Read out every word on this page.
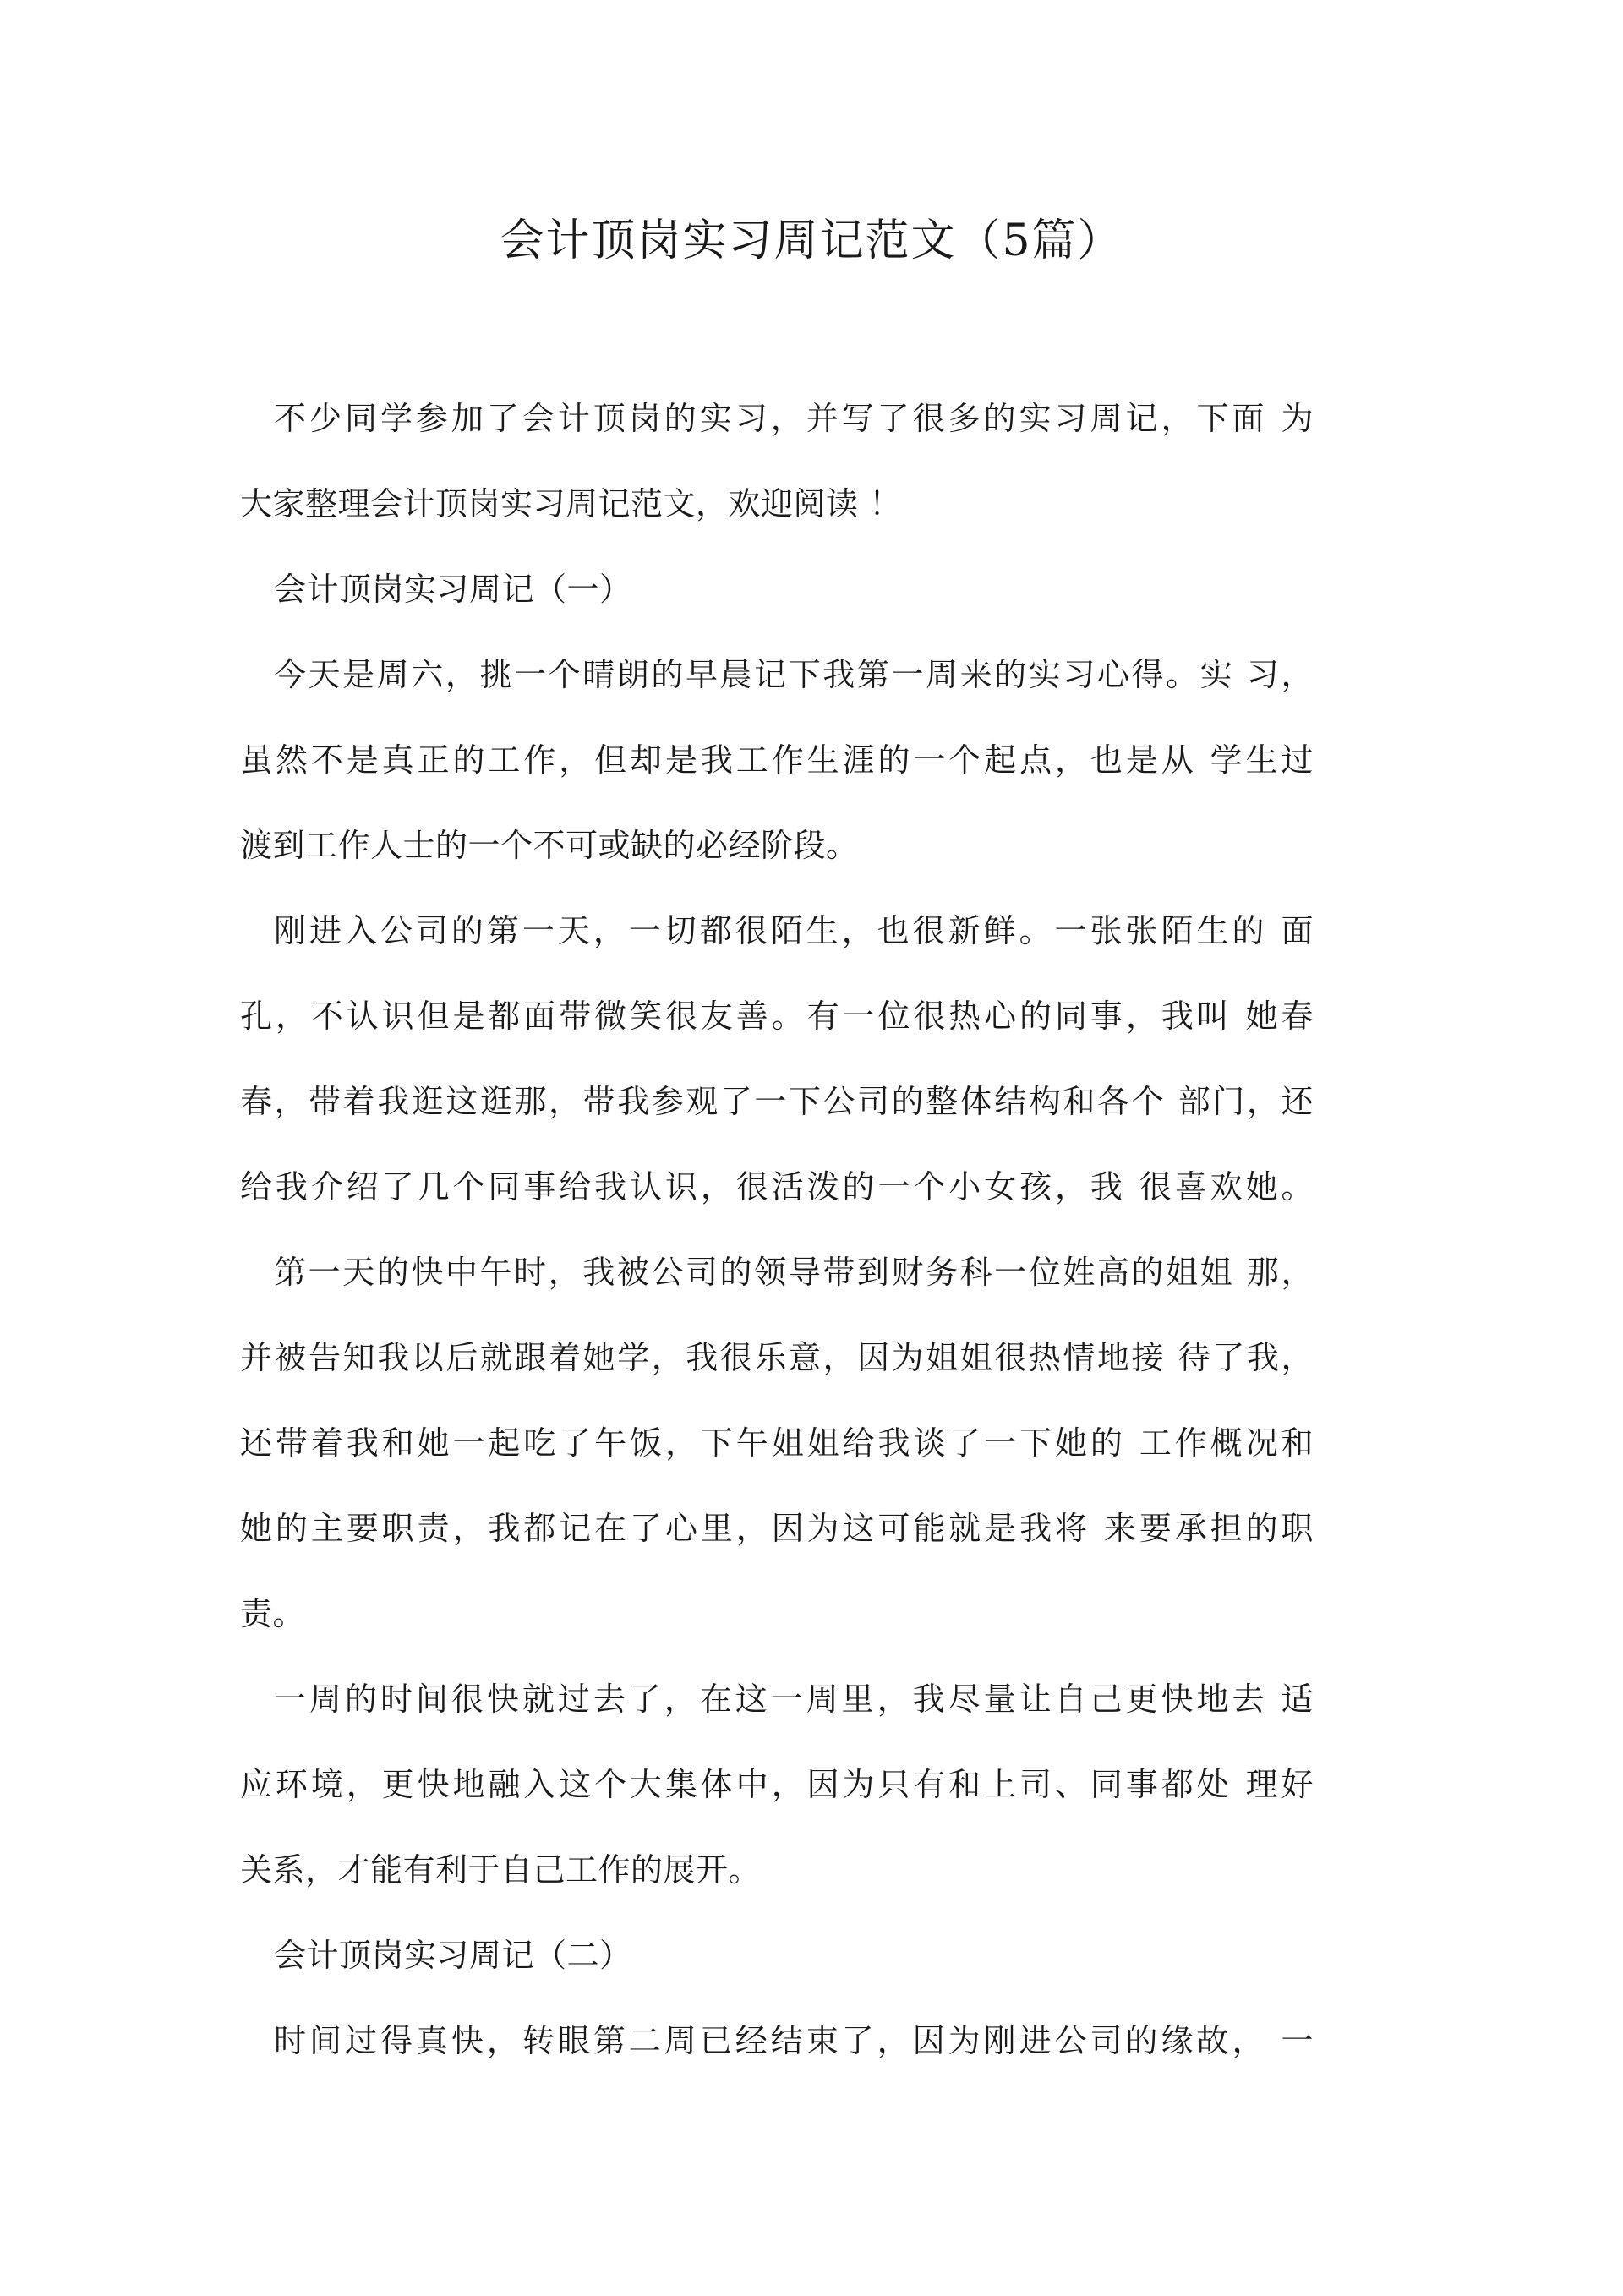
会计顶岗实习周记范文（5篇）
不少同学参加了会计顶岗的实习，并写了很多的实习周记，下面 为
大家整理会计顶岗实习周记范文，欢迎阅读 ！
会计顶岗实习周记（一）
今天是周六，挑一个晴朗的早晨记下我第一周来的实习心得。实 习，
虽然不是真正的工作，但却是我工作生涯的一个起点，也是从 学生过
渡到工作人士的一个不可或缺的必经阶段。
刚进入公司的第一天，一切都很陌生，也很新鲜。一张张陌生的 面
孔，不认识但是都面带微笑很友善。有一位很热心的同事，我叫 她春
春，带着我逛这逛那，带我参观了一下公司的整体结构和各个 部门，还
给我介绍了几个同事给我认识，很活泼的一个小女孩，我 很喜欢她。
第一天的快中午时，我被公司的领导带到财务科一位姓高的姐姐 那，
并被告知我以后就跟着她学，我很乐意，因为姐姐很热情地接 待了我，
还带着我和她一起吃了午饭，下午姐姐给我谈了一下她的 工作概况和
她的主要职责，我都记在了心里，因为这可能就是我将 来要承担的职
责。
一周的时间很快就过去了，在这一周里，我尽量让自己更快地去 适
应环境，更快地融入这个大集体中，因为只有和上司、同事都处 理好
关系，才能有利于自己工作的展开。
会计顶岗实习周记（二）
时间过得真快，转眼第二周已经结束了，因为刚进公司的缘故， 一
